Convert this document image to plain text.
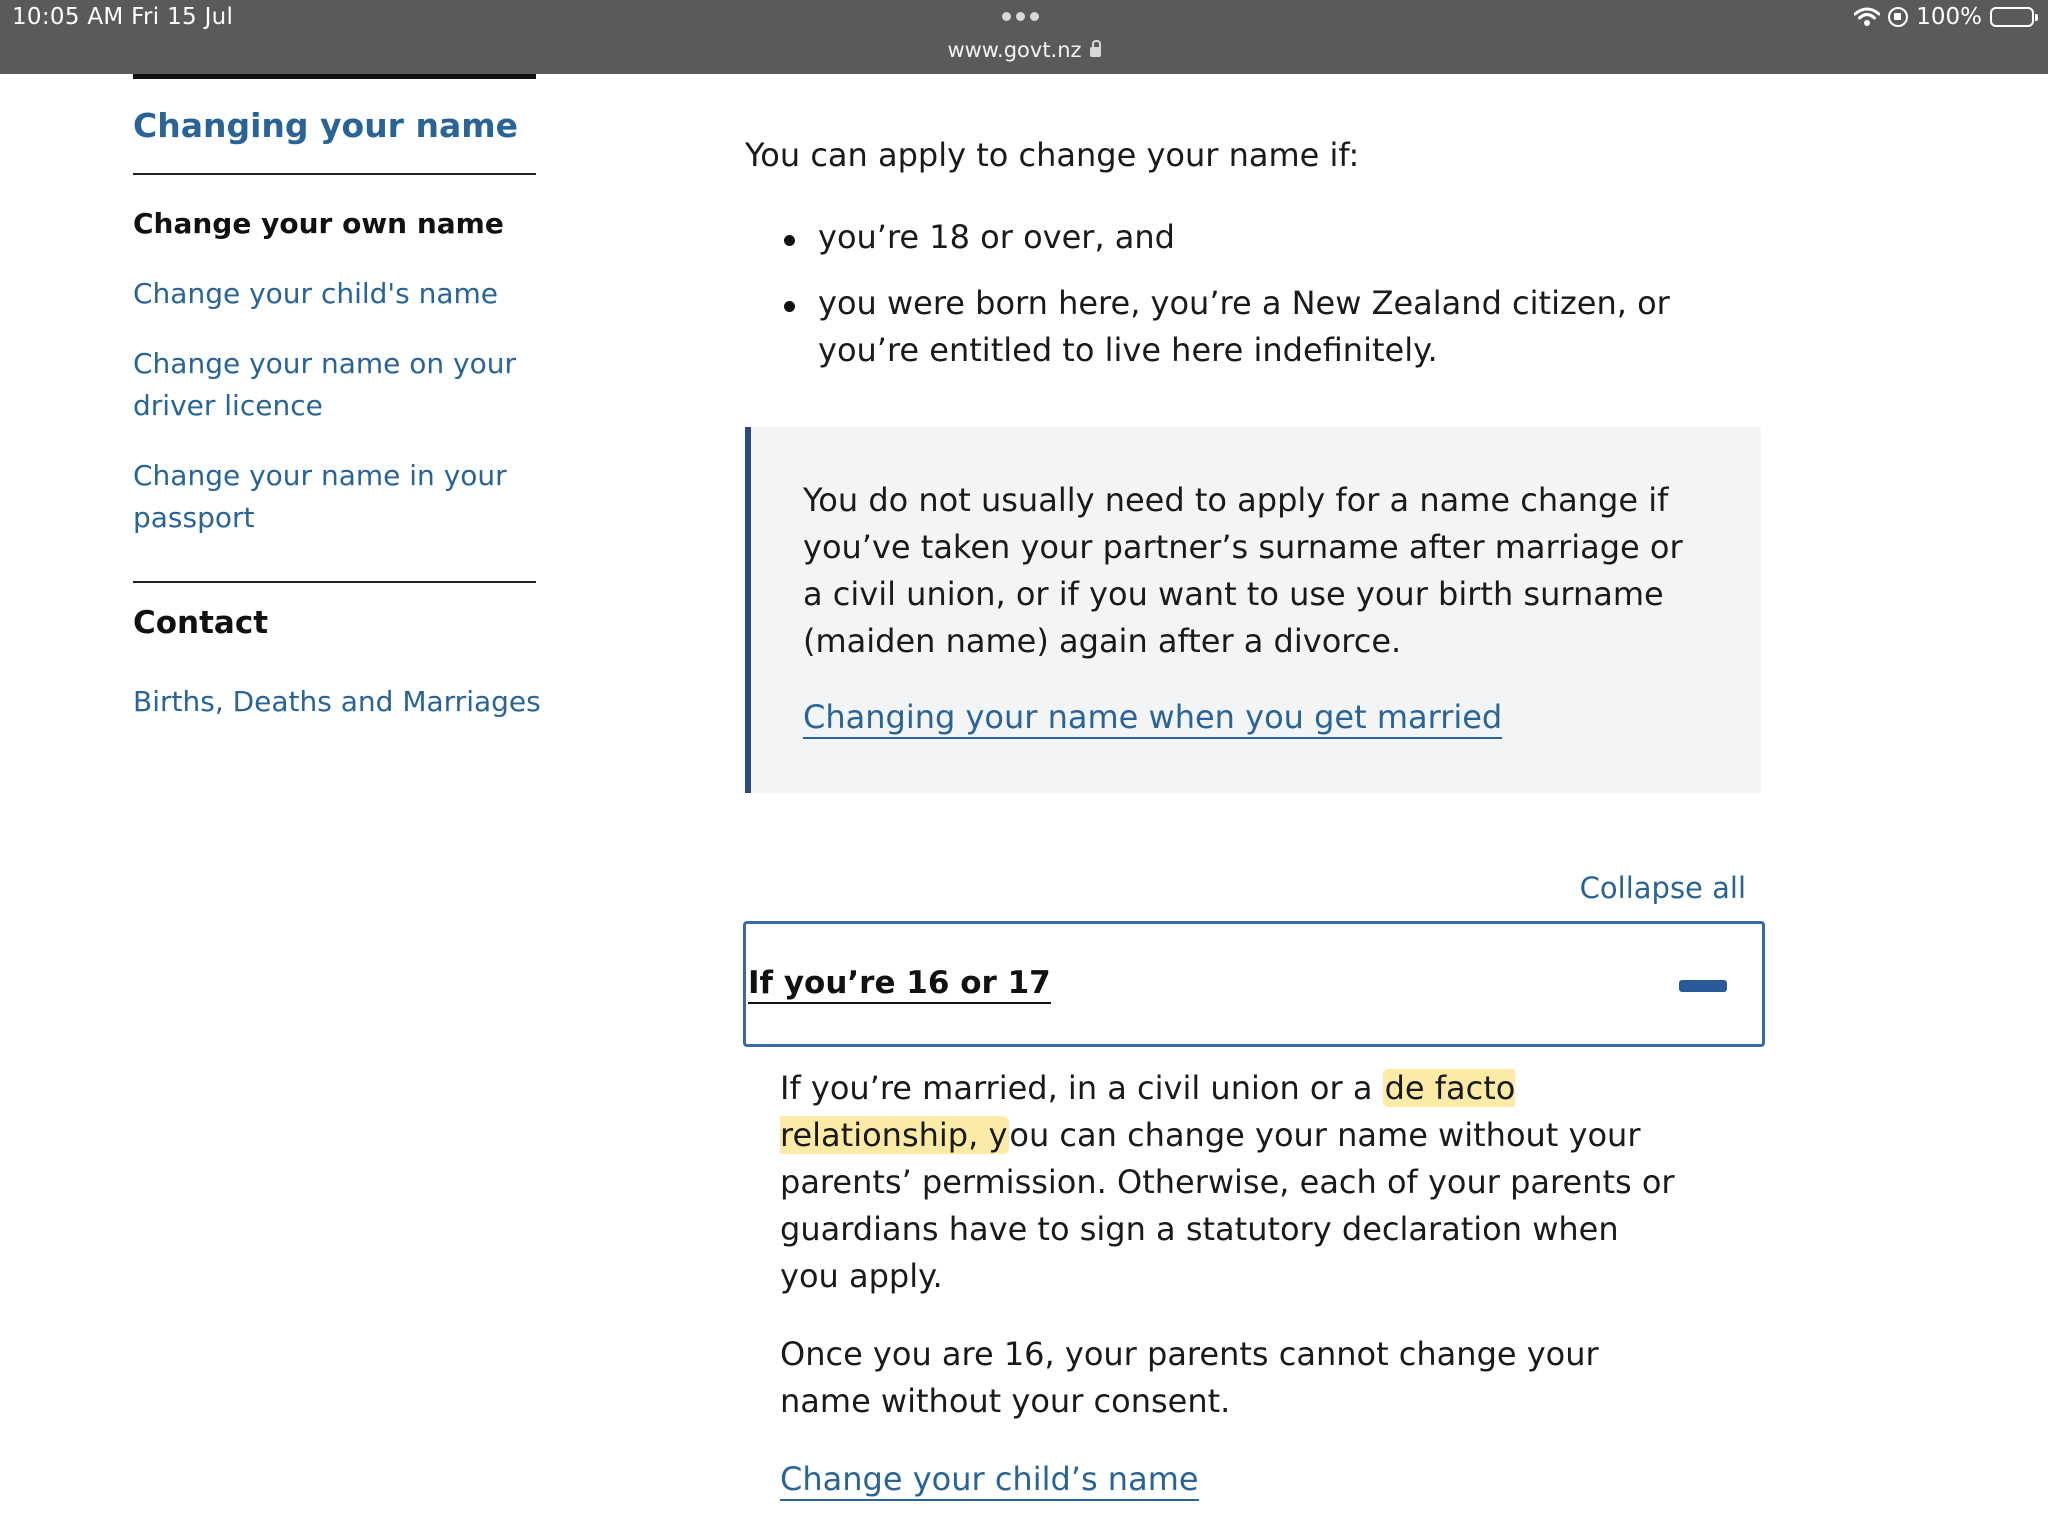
10:05 AM Fri 15 Jul
www.govt.nz
100%
Changing your name
Change your own name
Change your child's name
Change your name on your driver licence
Change your name in your passport
Contact
Births, Deaths and Marriages
You can apply to change your name if:
you’re 18 or over, and
you were born here, you’re a New Zealand citizen, or you’re entitled to live here indefinitely.
You do not usually need to apply for a name change if you’ve taken your partner’s surname after marriage or a civil union, or if you want to use your birth surname (maiden name) again after a divorce.
Changing your name when you get married
Collapse all
If you’re 16 or 17

If you’re married, in a civil union or a de facto relationship, you can change your name without your parents’ permission. Otherwise, each of your parents or guardians have to sign a statutory declaration when you apply.

Once you are 16, your parents cannot change your name without your consent.

Change your child’s name
